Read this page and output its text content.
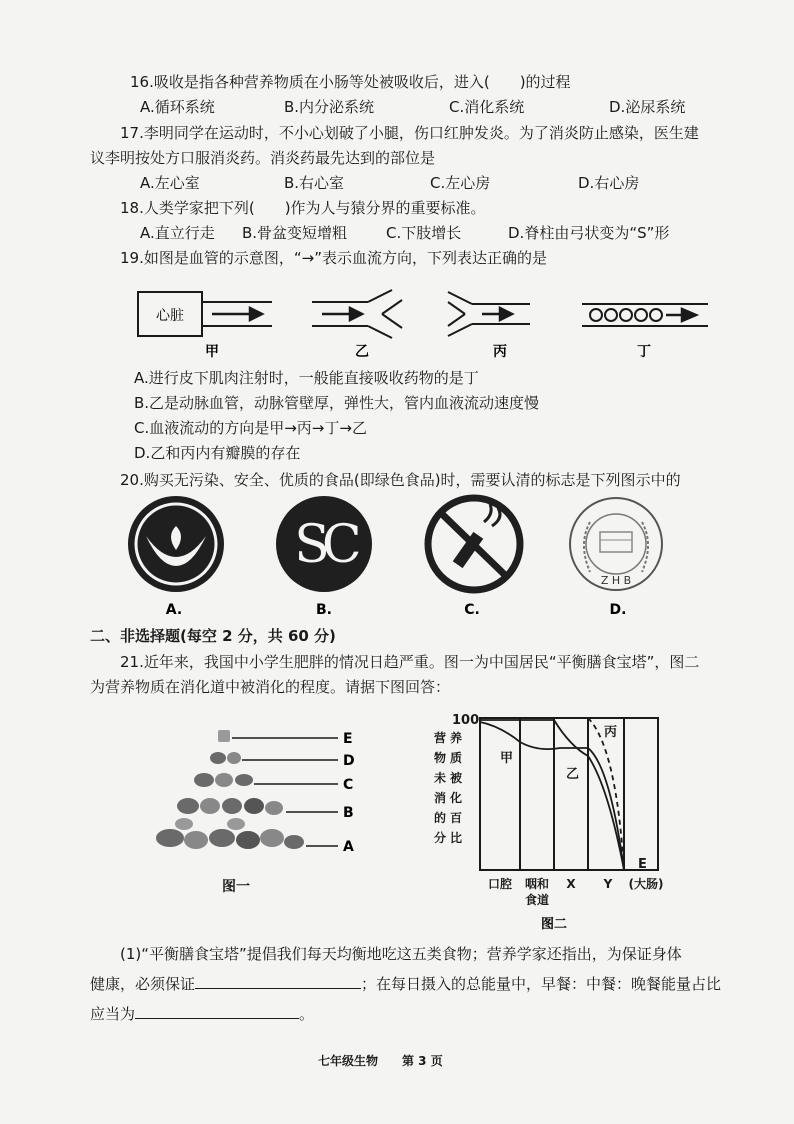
16.吸收是指各种营养物质在小肠等处被吸收后，进入(　　)的过程
A.循环系统	B.内分泌系统	C.消化系统	D.泌尿系统
17.李明同学在运动时，不小心划破了小腿，伤口红肿发炎。为了消炎防止感染，医生建
议李明按处方口服消炎药。消炎药最先达到的部位是
A.左心室	B.右心室	C.左心房	D.右心房
18.人类学家把下列(　　)作为人与猿分界的重要标准。
A.直立行走 B.骨盆变短增粗	C.下肢增长	D.脊柱由弓状变为“S”形
19.如图是血管的示意图，“→”表示血流方向，下列表达正确的是
心脏
甲	乙	丙	丁
A.进行皮下肌肉注射时，一般能直接吸收药物的是丁
B.乙是动脉血管，动脉管壁厚，弹性大，管内血液流动速度慢
C.血液流动的方向是甲→丙→丁→乙
D.乙和丙内有瓣膜的存在
20.购买无污染、安全、优质的食品(即绿色食品)时，需要认清的标志是下列图示中的
SC
Z H B
A.	B.	C.	D.
二、非选择题(每空 2 分，共 60 分)
21.近年来，我国中小学生肥胖的情况日趋严重。图一为中国居民“平衡膳食宝塔”，图二
为营养物质在消化道中被消化的程度。请据下图回答：
E
D
C
B
A
图一
100
甲
乙
丙
E
营 养
物 质
未 被
消 化
的 百
分 比
口腔 咽和
食道
X Y (大肠)
图二
(1)“平衡膳食宝塔”提倡我们每天均衡地吃这五类食物；营养学家还指出，为保证身体
健康，必须保证	；在每日摄入的总能量中，早餐：中餐：晚餐能量占比
应当为	。
七年级生物 第 3 页
